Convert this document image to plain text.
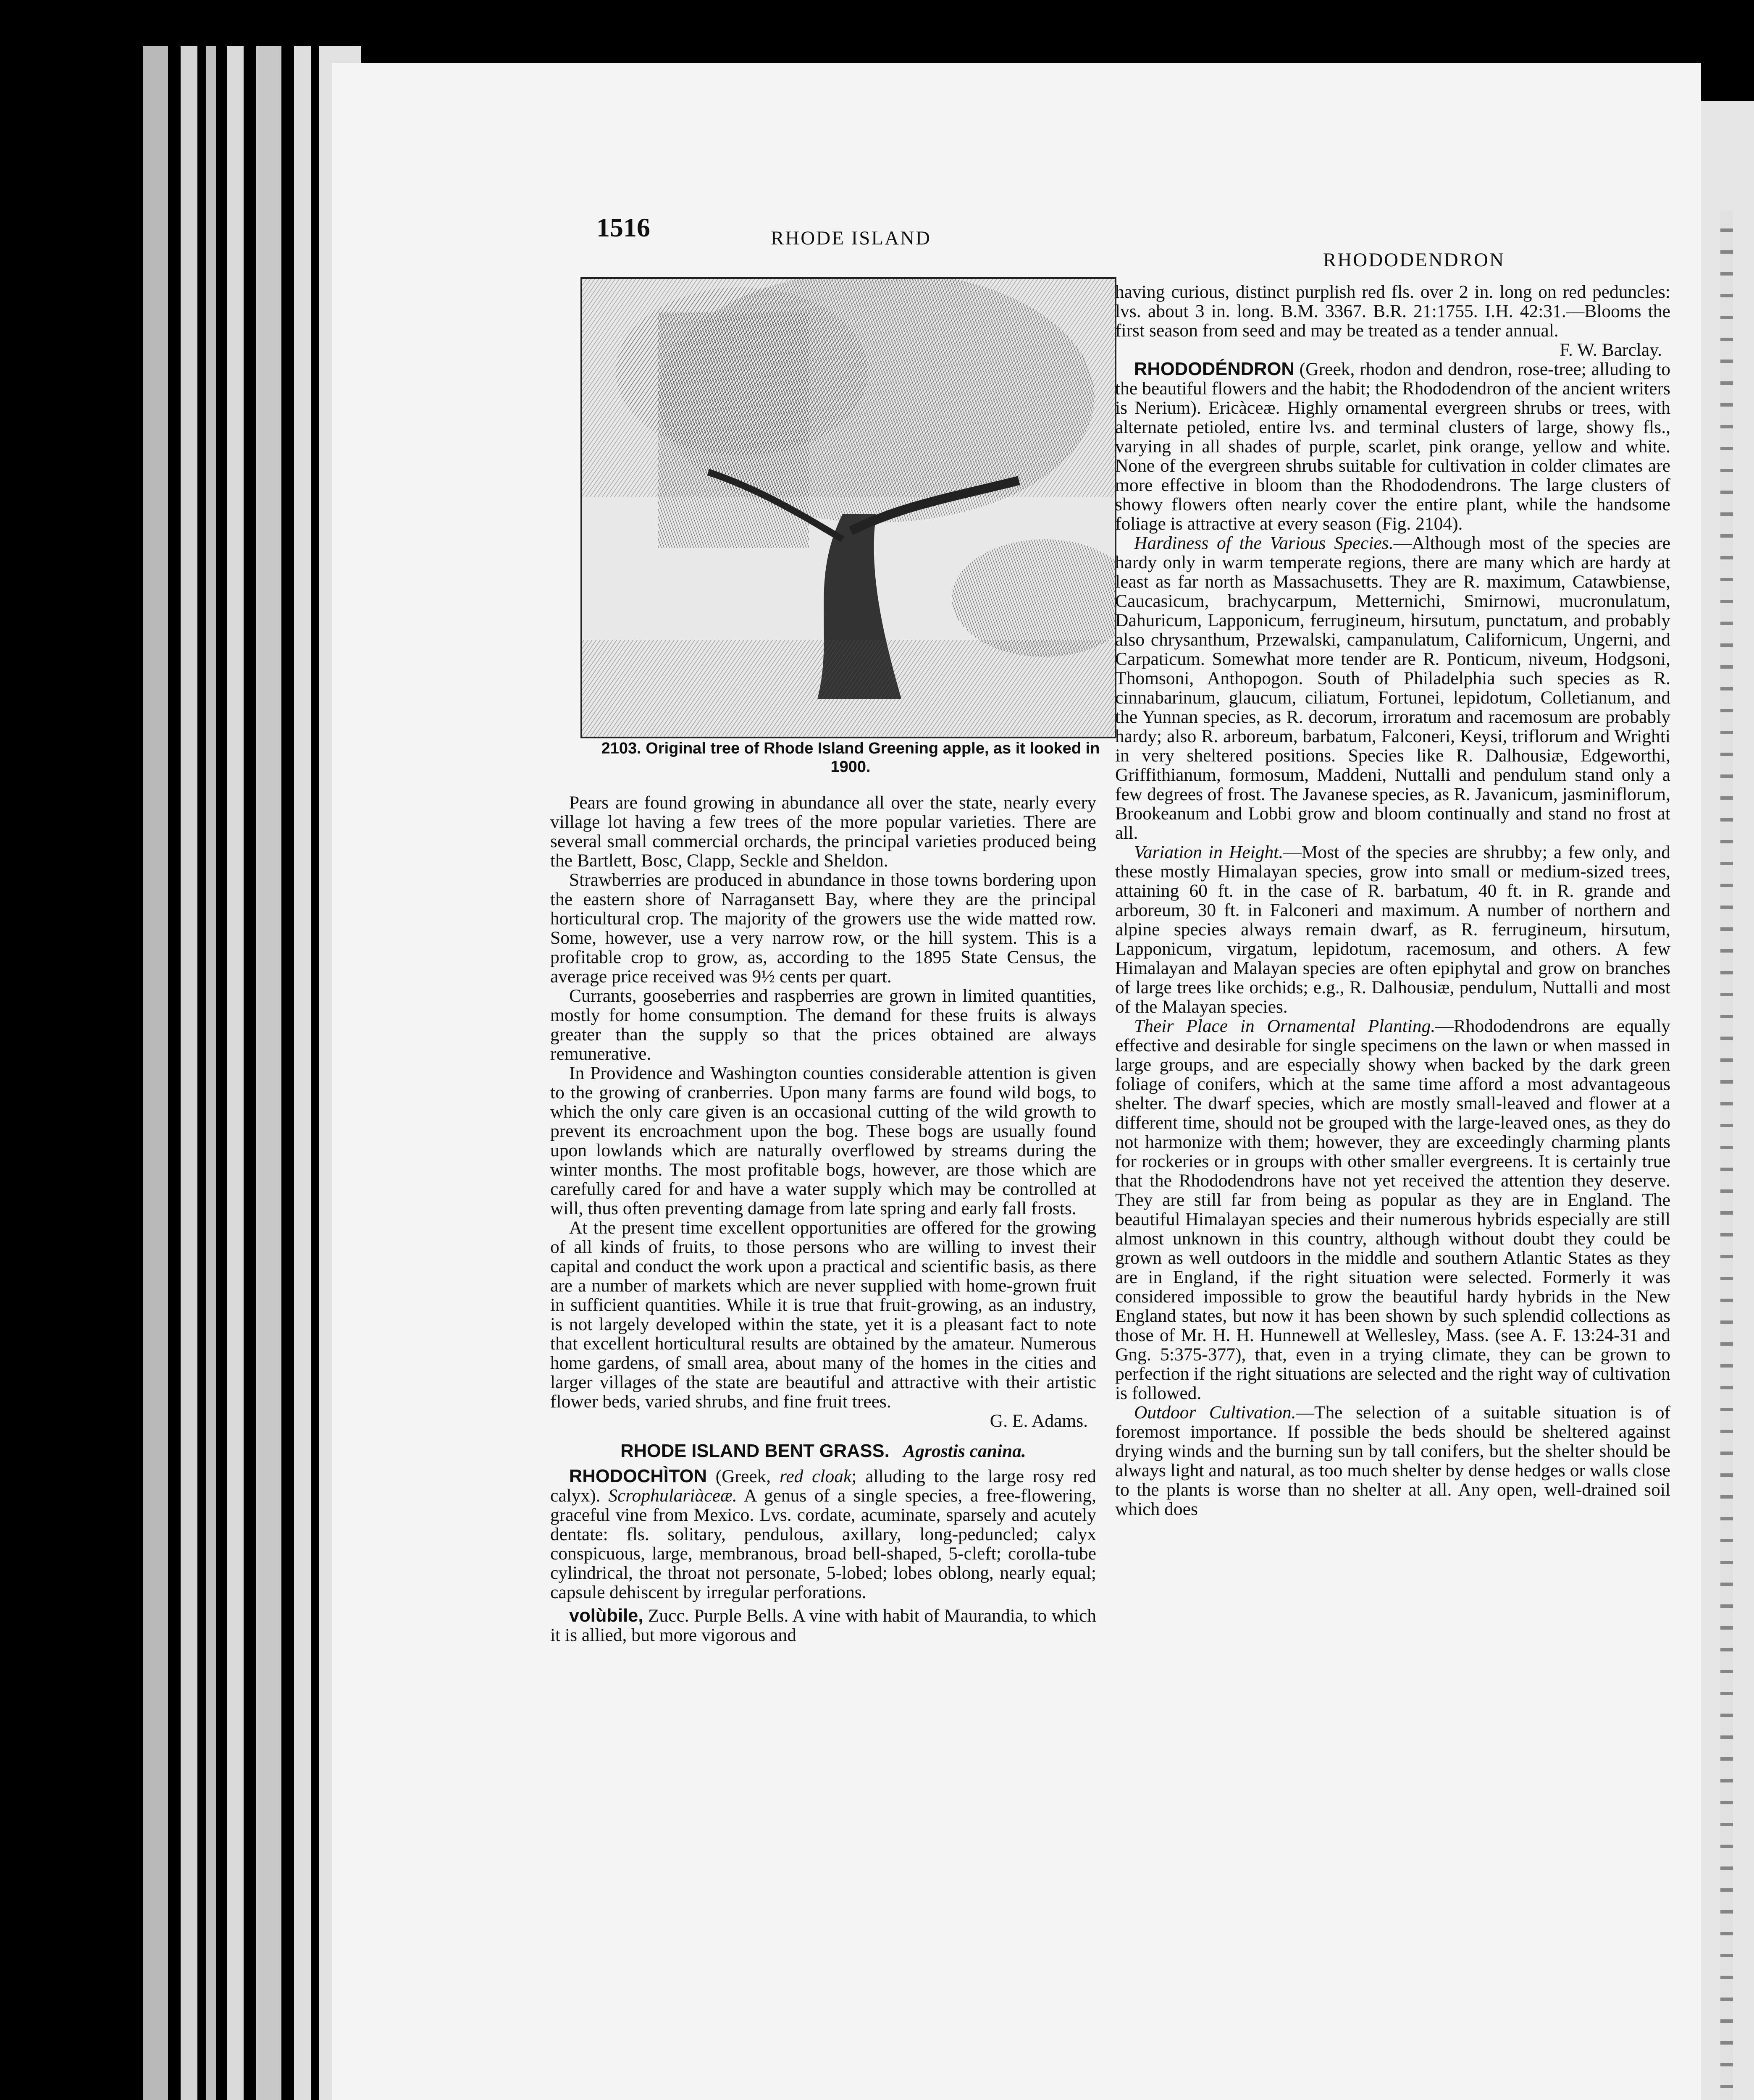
1516	RHODE ISLAND
RHODODENDRON
2103. Original tree of Rhode Island Greening apple, as it looked in 1900.

Pears are found growing in abundance all over the state, nearly every village lot having a few trees of the more popular varieties. There are several small commercial orchards, the principal varieties produced being the Bartlett, Bosc, Clapp, Seckle and Sheldon.

Strawberries are produced in abundance in those towns bordering upon the eastern shore of Narragansett Bay, where they are the principal horticultural crop. The majority of the growers use the wide matted row. Some, however, use a very narrow row, or the hill system. This is a profitable crop to grow, as, according to the 1895 State Census, the average price received was 9½ cents per quart.

Currants, gooseberries and raspberries are grown in limited quantities, mostly for home consumption. The demand for these fruits is always greater than the supply so that the prices obtained are always remunerative.

In Providence and Washington counties considerable attention is given to the growing of cranberries. Upon many farms are found wild bogs, to which the only care given is an occasional cutting of the wild growth to prevent its encroachment upon the bog. These bogs are usually found upon lowlands which are naturally overflowed by streams during the winter months. The most profitable bogs, however, are those which are carefully cared for and have a water supply which may be controlled at will, thus often preventing damage from late spring and early fall frosts.

At the present time excellent opportunities are offered for the growing of all kinds of fruits, to those persons who are willing to invest their capital and conduct the work upon a practical and scientific basis, as there are a number of markets which are never supplied with home-grown fruit in sufficient quantities. While it is true that fruit-growing, as an industry, is not largely developed within the state, yet it is a pleasant fact to note that excellent horticultural results are obtained by the amateur. Numerous home gardens, of small area, about many of the homes in the cities and larger villages of the state are beautiful and attractive with their artistic flower beds, varied shrubs, and fine fruit trees.

G. E. Adams.

RHODE ISLAND BENT GRASS. Agrostis canina.

RHODOCHÌTON (Greek, red cloak; alluding to the large rosy red calyx). Scrophulariàceæ. A genus of a single species, a free-flowering, graceful vine from Mexico. Lvs. cordate, acuminate, sparsely and acutely dentate: fls. solitary, pendulous, axillary, long-peduncled; calyx conspicuous, large, membranous, broad bell-shaped, 5-cleft; corolla-tube cylindrical, the throat not personate, 5-lobed; lobes oblong, nearly equal; capsule dehiscent by irregular perforations.

volùbile, Zucc. Purple Bells. A vine with habit of Maurandia, to which it is allied, but more vigorous and

having curious, distinct purplish red fls. over 2 in. long on red peduncles: lvs. about 3 in. long. B.M. 3367. B.R. 21:1755. I.H. 42:31.—Blooms the first season from seed and may be treated as a tender annual.

F. W. Barclay.

RHODODÉNDRON (Greek, rhodon and dendron, rose-tree; alluding to the beautiful flowers and the habit; the Rhododendron of the ancient writers is Nerium). Ericàceæ. Highly ornamental evergreen shrubs or trees, with alternate petioled, entire lvs. and terminal clusters of large, showy fls., varying in all shades of purple, scarlet, pink orange, yellow and white. None of the evergreen shrubs suitable for cultivation in colder climates are more effective in bloom than the Rhododendrons. The large clusters of showy flowers often nearly cover the entire plant, while the handsome foliage is attractive at every season (Fig. 2104).

Hardiness of the Various Species.—Although most of the species are hardy only in warm temperate regions, there are many which are hardy at least as far north as Massachusetts. They are R. maximum, Catawbiense, Caucasicum, brachycarpum, Metternichi, Smirnowi, mucronulatum, Dahuricum, Lapponicum, ferrugineum, hirsutum, punctatum, and probably also chrysanthum, Przewalski, campanulatum, Californicum, Ungerni, and Carpaticum. Somewhat more tender are R. Ponticum, niveum, Hodgsoni, Thomsoni, Anthopogon. South of Philadelphia such species as R. cinnabarinum, glaucum, ciliatum, Fortunei, lepidotum, Colletianum, and the Yunnan species, as R. decorum, irroratum and racemosum are probably hardy; also R. arboreum, barbatum, Falconeri, Keysi, triflorum and Wrighti in very sheltered positions. Species like R. Dalhousiæ, Edgeworthi, Griffithianum, formosum, Maddeni, Nuttalli and pendulum stand only a few degrees of frost. The Javanese species, as R. Javanicum, jasminiflorum, Brookeanum and Lobbi grow and bloom continually and stand no frost at all.

Variation in Height.—Most of the species are shrubby; a few only, and these mostly Himalayan species, grow into small or medium-sized trees, attaining 60 ft. in the case of R. barbatum, 40 ft. in R. grande and arboreum, 30 ft. in Falconeri and maximum. A number of northern and alpine species always remain dwarf, as R. ferrugineum, hirsutum, Lapponicum, virgatum, lepidotum, racemosum, and others. A few Himalayan and Malayan species are often epiphytal and grow on branches of large trees like orchids; e.g., R. Dalhousiæ, pendulum, Nuttalli and most of the Malayan species.

Their Place in Ornamental Planting.—Rhododendrons are equally effective and desirable for single specimens on the lawn or when massed in large groups, and are especially showy when backed by the dark green foliage of conifers, which at the same time afford a most advantageous shelter. The dwarf species, which are mostly small-leaved and flower at a different time, should not be grouped with the large-leaved ones, as they do not harmonize with them; however, they are exceedingly charming plants for rockeries or in groups with other smaller evergreens. It is certainly true that the Rhododendrons have not yet received the attention they deserve. They are still far from being as popular as they are in England. The beautiful Himalayan species and their numerous hybrids especially are still almost unknown in this country, although without doubt they could be grown as well outdoors in the middle and southern Atlantic States as they are in England, if the right situation were selected. Formerly it was considered impossible to grow the beautiful hardy hybrids in the New England states, but now it has been shown by such splendid collections as those of Mr. H. H. Hunnewell at Wellesley, Mass. (see A. F. 13:24-31 and Gng. 5:375-377), that, even in a trying climate, they can be grown to perfection if the right situations are selected and the right way of cultivation is followed.

Outdoor Cultivation.—The selection of a suitable situation is of foremost importance. If possible the beds should be sheltered against drying winds and the burning sun by tall conifers, but the shelter should be always light and natural, as too much shelter by dense hedges or walls close to the plants is worse than no shelter at all. Any open, well-drained soil which does
